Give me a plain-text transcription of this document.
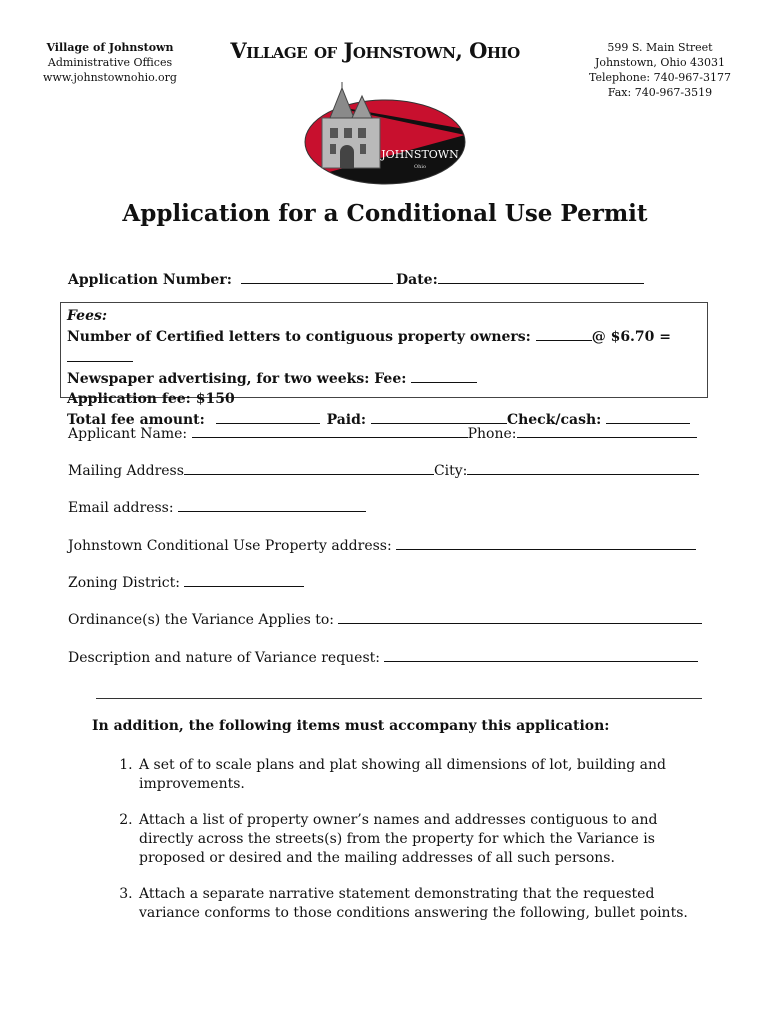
Village of Johnstown
Administrative Offices
www.johnstownohio.org
Village of Johnstown, Ohio	599 S. Main Street
Johnstown, Ohio 43031
Telephone: 740-967-3177
Fax: 740-967-3519
JOHNSTOWN
Ohio
Application for a Conditional Use Permit
Application Number:	Date:
Fees:
Number of Certified letters to contiguous property owners:	@ $6.70 =
Newspaper advertising, for two weeks: Fee:
Application fee: $150
Total fee amount:	Paid:	Check/cash:
Applicant Name:	Phone:
Mailing Address	City:
Email address:
Johnstown Conditional Use Property address:
Zoning District:
Ordinance(s) the Variance Applies to:
Description and nature of Variance request:
In addition, the following items must accompany this application:
1. A set of to scale plans and plat showing all dimensions of lot, building and improvements.
2. Attach a list of property owner’s names and addresses contiguous to and directly across the streets(s) from the property for which the Variance is proposed or desired and the mailing addresses of all such persons.
3. Attach a separate narrative statement demonstrating that the requested variance conforms to those conditions answering the following, bullet points.
